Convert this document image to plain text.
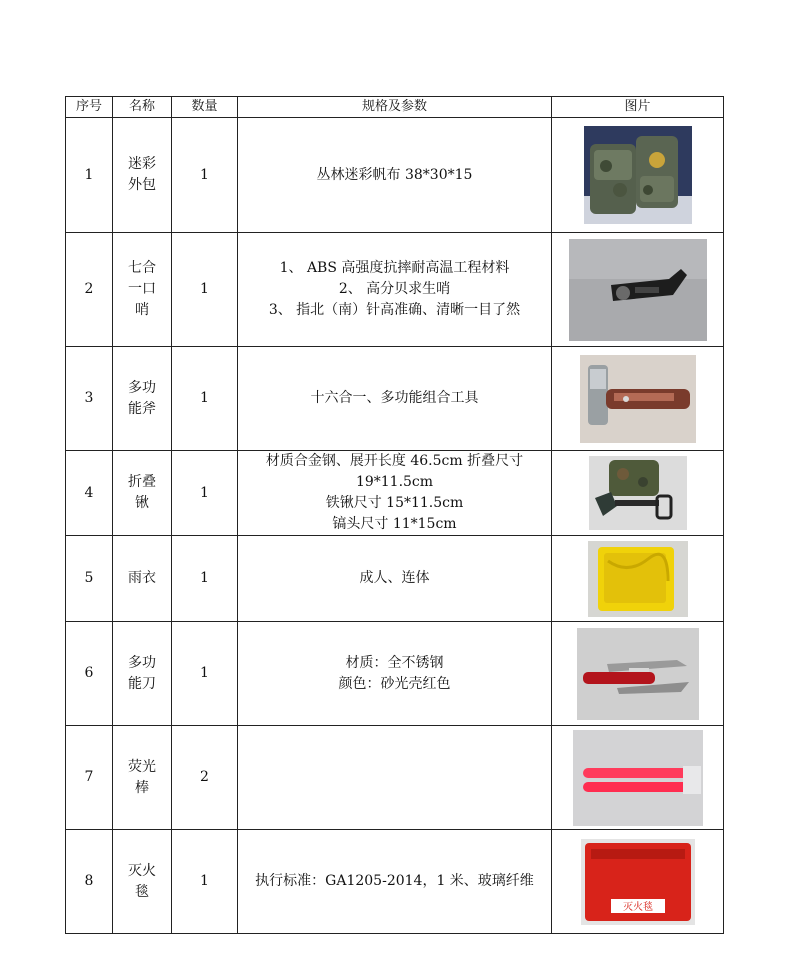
序号	名称	数量	规格及参数	图片
1	迷彩外包	1	丛林迷彩帆布 38*30*15

2	七合一口哨	1	1、 ABS 高强度抗摔耐高温工程材料
2、 高分贝求生哨
3、 指北（南）针高准确、清晰一目了然

3	多功能斧	1	十六合一、多功能组合工具

4	折叠锹	1	材质合金钢、展开长度 46.5cm 折叠尺寸
19*11.5cm
铁锹尺寸 15*11.5cm
镐头尺寸 11*15cm

5	雨衣	1	成人、连体

6	多功能刀	1	材质：全不锈钢
颜色：砂光壳红色

7	荧光棒	2		

8	灭火毯	1	执行标准：GA1205-2014，1 米、玻璃纤维	灭火毯
